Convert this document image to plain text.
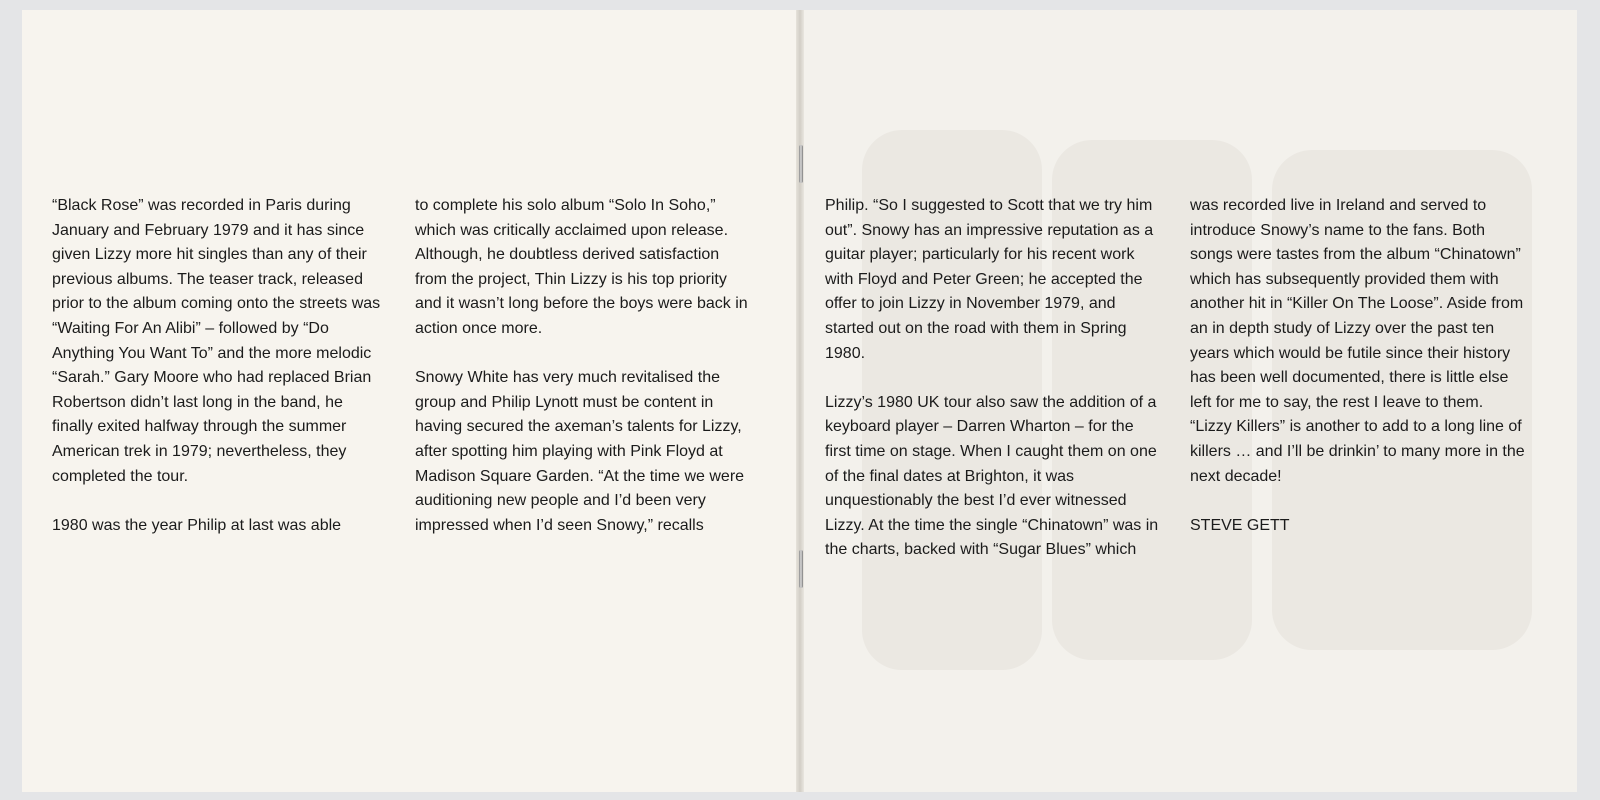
“Black Rose” was recorded in Paris during January and February 1979 and it has since given Lizzy more hit singles than any of their previous albums. The teaser track, released prior to the album coming onto the streets was “Waiting For An Alibi” – followed by “Do Anything You Want To” and the more melodic “Sarah.” Gary Moore who had replaced Brian Robertson didn’t last long in the band, he finally exited halfway through the summer American trek in 1979; nevertheless, they completed the tour.

1980 was the year Philip at last was able

to complete his solo album “Solo In Soho,” which was critically acclaimed upon release. Although, he doubtless derived satisfaction from the project, Thin Lizzy is his top priority and it wasn’t long before the boys were back in action once more.

Snowy White has very much revitalised the group and Philip Lynott must be content in having secured the axeman’s talents for Lizzy, after spotting him playing with Pink Floyd at Madison Square Garden. “At the time we were auditioning new people and I’d been very impressed when I’d seen Snowy,” recalls

Philip. “So I suggested to Scott that we try him out”. Snowy has an impressive reputation as a guitar player; particularly for his recent work with Floyd and Peter Green; he accepted the offer to join Lizzy in November 1979, and started out on the road with them in Spring 1980.

Lizzy’s 1980 UK tour also saw the addition of a keyboard player – Darren Wharton – for the first time on stage. When I caught them on one of the final dates at Brighton, it was unquestionably the best I’d ever witnessed Lizzy. At the time the single “Chinatown” was in the charts, backed with “Sugar Blues” which

was recorded live in Ireland and served to introduce Snowy’s name to the fans. Both songs were tastes from the album “Chinatown” which has subsequently provided them with another hit in “Killer On The Loose”. Aside from an in depth study of Lizzy over the past ten years which would be futile since their history has been well documented, there is little else left for me to say, the rest I leave to them. “Lizzy Killers” is another to add to a long line of killers … and I’ll be drinkin’ to many more in the next decade!

STEVE GETT
